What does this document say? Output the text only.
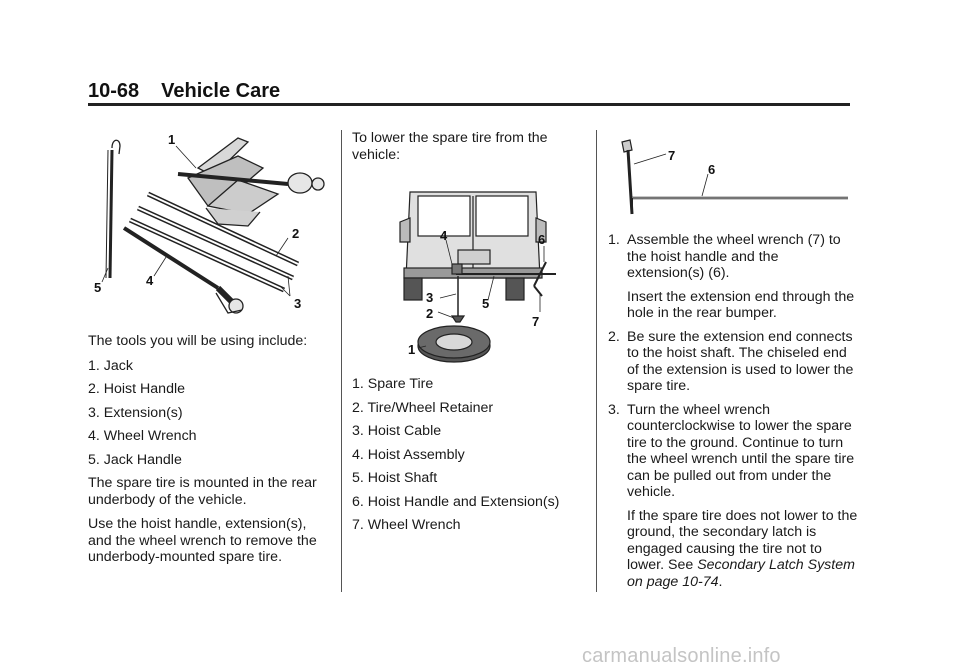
10-68 Vehicle Care
1
2
3
4
5

The tools you will be using include:

1. Jack
2. Hoist Handle
3. Extension(s)
4. Wheel Wrench
5. Jack Handle

The spare tire is mounted in the rear underbody of the vehicle.

Use the hoist handle, extension(s), and the wheel wrench to remove the underbody-mounted spare tire.

To lower the spare tire from the vehicle:

4	6
3
2
5
7
1
1. Spare Tire
2. Tire/Wheel Retainer
3. Hoist Cable
4. Hoist Assembly
5. Hoist Shaft
6. Hoist Handle and Extension(s)
7. Wheel Wrench
7
6
1. Assemble the wheel wrench (7) to the hoist handle and the extension(s) (6).

Insert the extension end through the hole in the rear bumper.

2. Be sure the extension end connects to the hoist shaft. The chiseled end of the extension is used to lower the spare tire.

3. Turn the wheel wrench counterclockwise to lower the spare tire to the ground. Continue to turn the wheel wrench until the spare tire can be pulled out from under the vehicle.

If the spare tire does not lower to the ground, the secondary latch is engaged causing the tire not to lower. See Secondary Latch System on page 10-74.

carmanualsonline.info
